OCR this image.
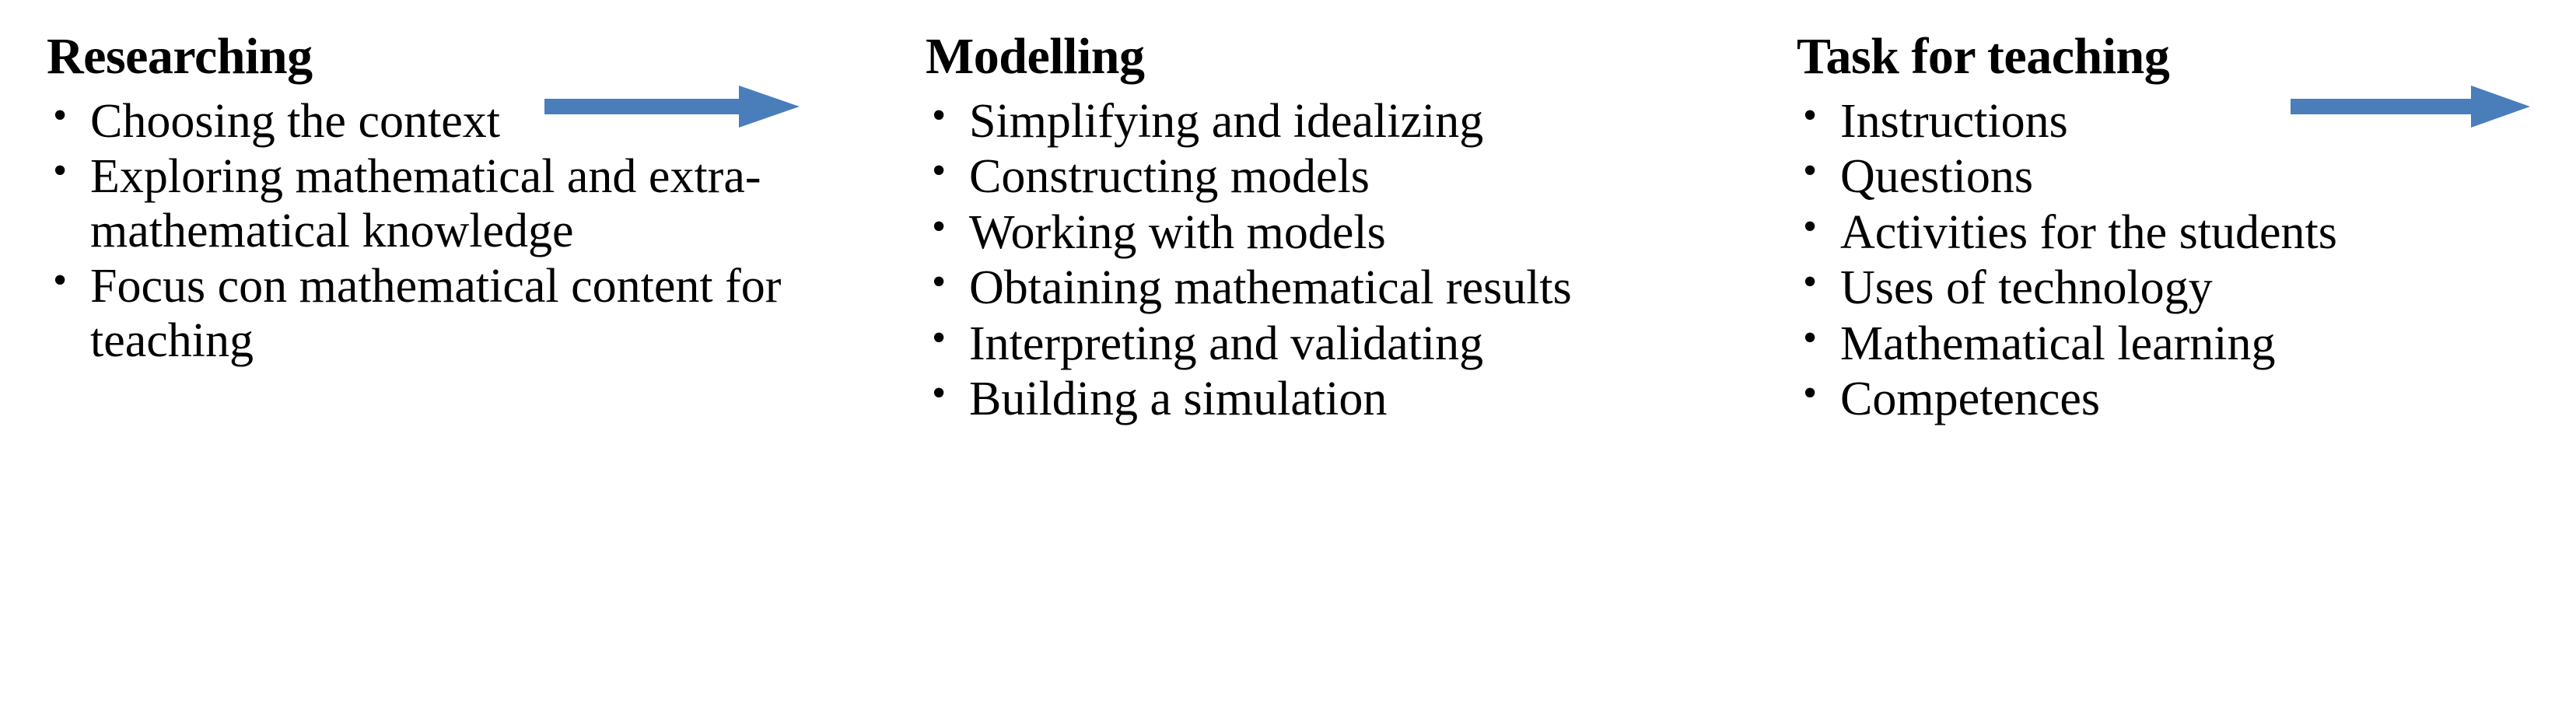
Researching
• Choosing the context
• Exploring mathematical and extra-mathematical knowledge
• Focus con mathematical content for teaching
Modelling
• Simplifying and idealizing
• Constructing models
• Working with models
• Obtaining mathematical results
• Interpreting and validating
• Building a simulation
Task for teaching
• Instructions
• Questions
• Activities for the students
• Uses of technology
• Mathematical learning
• Competences
